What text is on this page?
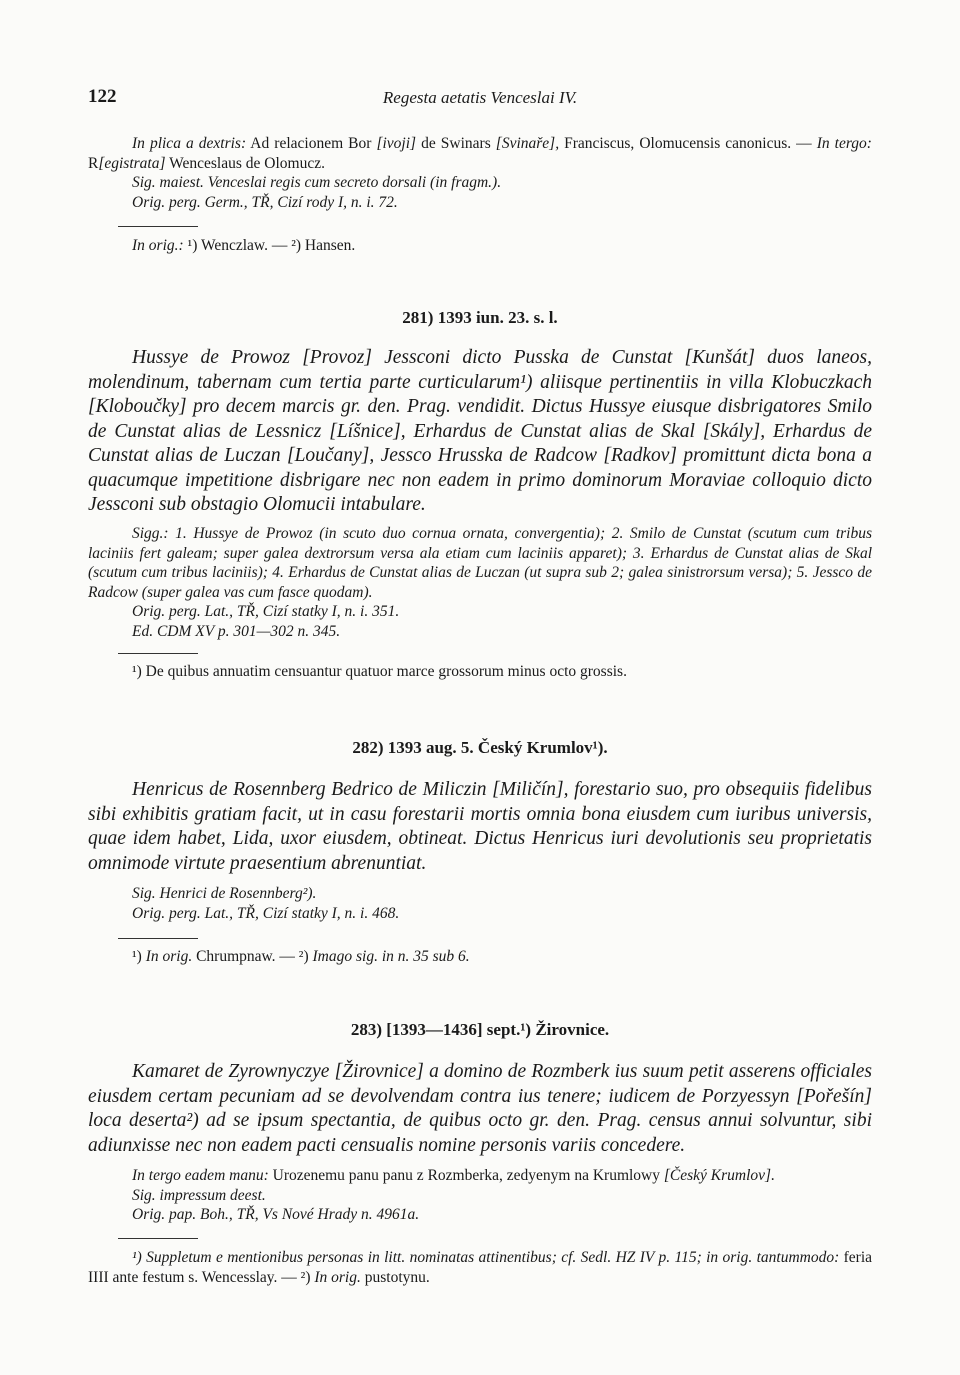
122	Regesta aetatis Venceslai IV.

In plica a dextris: Ad relacionem Bor [ivoji] de Swinars [Svinaře], Franciscus, Olomucensis canonicus. — In tergo: R[egistrata] Wenceslaus de Olomucz.

Sig. maiest. Venceslai regis cum secreto dorsali (in fragm.).

Orig. perg. Germ., TŘ, Cizí rody I, n. i. 72.

In orig.: ¹) Wenczlaw. — ²) Hansen.
281) 1393 iun. 23. s. l.

Hussye de Prowoz [Provoz] Jessconi dicto Pusska de Cunstat [Kunšát] duos laneos, molendinum, tabernam cum tertia parte curticularum¹) aliisque pertinentiis in villa Klobuczkach [Kloboučky] pro decem marcis gr. den. Prag. vendidit. Dictus Hussye eiusque disbrigatores Smilo de Cunstat alias de Lessnicz [Líšnice], Erhardus de Cunstat alias de Skal [Skály], Erhardus de Cunstat alias de Luczan [Loučany], Jessco Hrusska de Radcow [Radkov] promittunt dicta bona a quacumque impetitione disbrigare nec non eadem in primo dominorum Moraviae colloquio dicto Jessconi sub obstagio Olomucii intabulare.

Sigg.: 1. Hussye de Prowoz (in scuto duo cornua ornata, convergentia); 2. Smilo de Cunstat (scutum cum tribus laciniis fert galeam; super galea dextrorsum versa ala etiam cum laciniis apparet); 3. Erhardus de Cunstat alias de Skal (scutum cum tribus laciniis); 4. Erhardus de Cunstat alias de Luczan (ut supra sub 2; galea sinistrorsum versa); 5. Jessco de Radcow (super galea vas cum fasce quodam).

Orig. perg. Lat., TŘ, Cizí statky I, n. i. 351.

Ed. CDM XV p. 301—302 n. 345.

¹) De quibus annuatim censuantur quatuor marce grossorum minus octo grossis.
282) 1393 aug. 5. Český Krumlov¹).

Henricus de Rosennberg Bedrico de Miliczin [Miličín], forestario suo, pro obsequiis fidelibus sibi exhibitis gratiam facit, ut in casu forestarii mortis omnia bona eiusdem cum iuribus universis, quae idem habet, Lida, uxor eiusdem, obtineat. Dictus Henricus iuri devolutionis seu proprietatis omnimode virtute praesentium abrenuntiat.

Sig. Henrici de Rosennberg²).

Orig. perg. Lat., TŘ, Cizí statky I, n. i. 468.

¹) In orig. Chrumpnaw. — ²) Imago sig. in n. 35 sub 6.
283) [1393—1436] sept.¹) Žirovnice.

Kamaret de Zyrownyczye [Žirovnice] a domino de Rozmberk ius suum petit asserens officiales eiusdem certam pecuniam ad se devolvendam contra ius tenere; iudicem de Porzyessyn [Pořešín] loca deserta²) ad se ipsum spectantia, de quibus octo gr. den. Prag. census annui solvuntur, sibi adiunxisse nec non eadem pacti censualis nomine personis variis concedere.

In tergo eadem manu: Urozenemu panu panu z Rozmberka, zedyenym na Krumlowy [Český Krumlov].

Sig. impressum deest.

Orig. pap. Boh., TŘ, Vs Nové Hrady n. 4961a.

¹) Suppletum e mentionibus personas in litt. nominatas attinentibus; cf. Sedl. HZ IV p. 115; in orig. tantummodo: feria IIII ante festum s. Wencesslay. — ²) In orig. pustotynu.
